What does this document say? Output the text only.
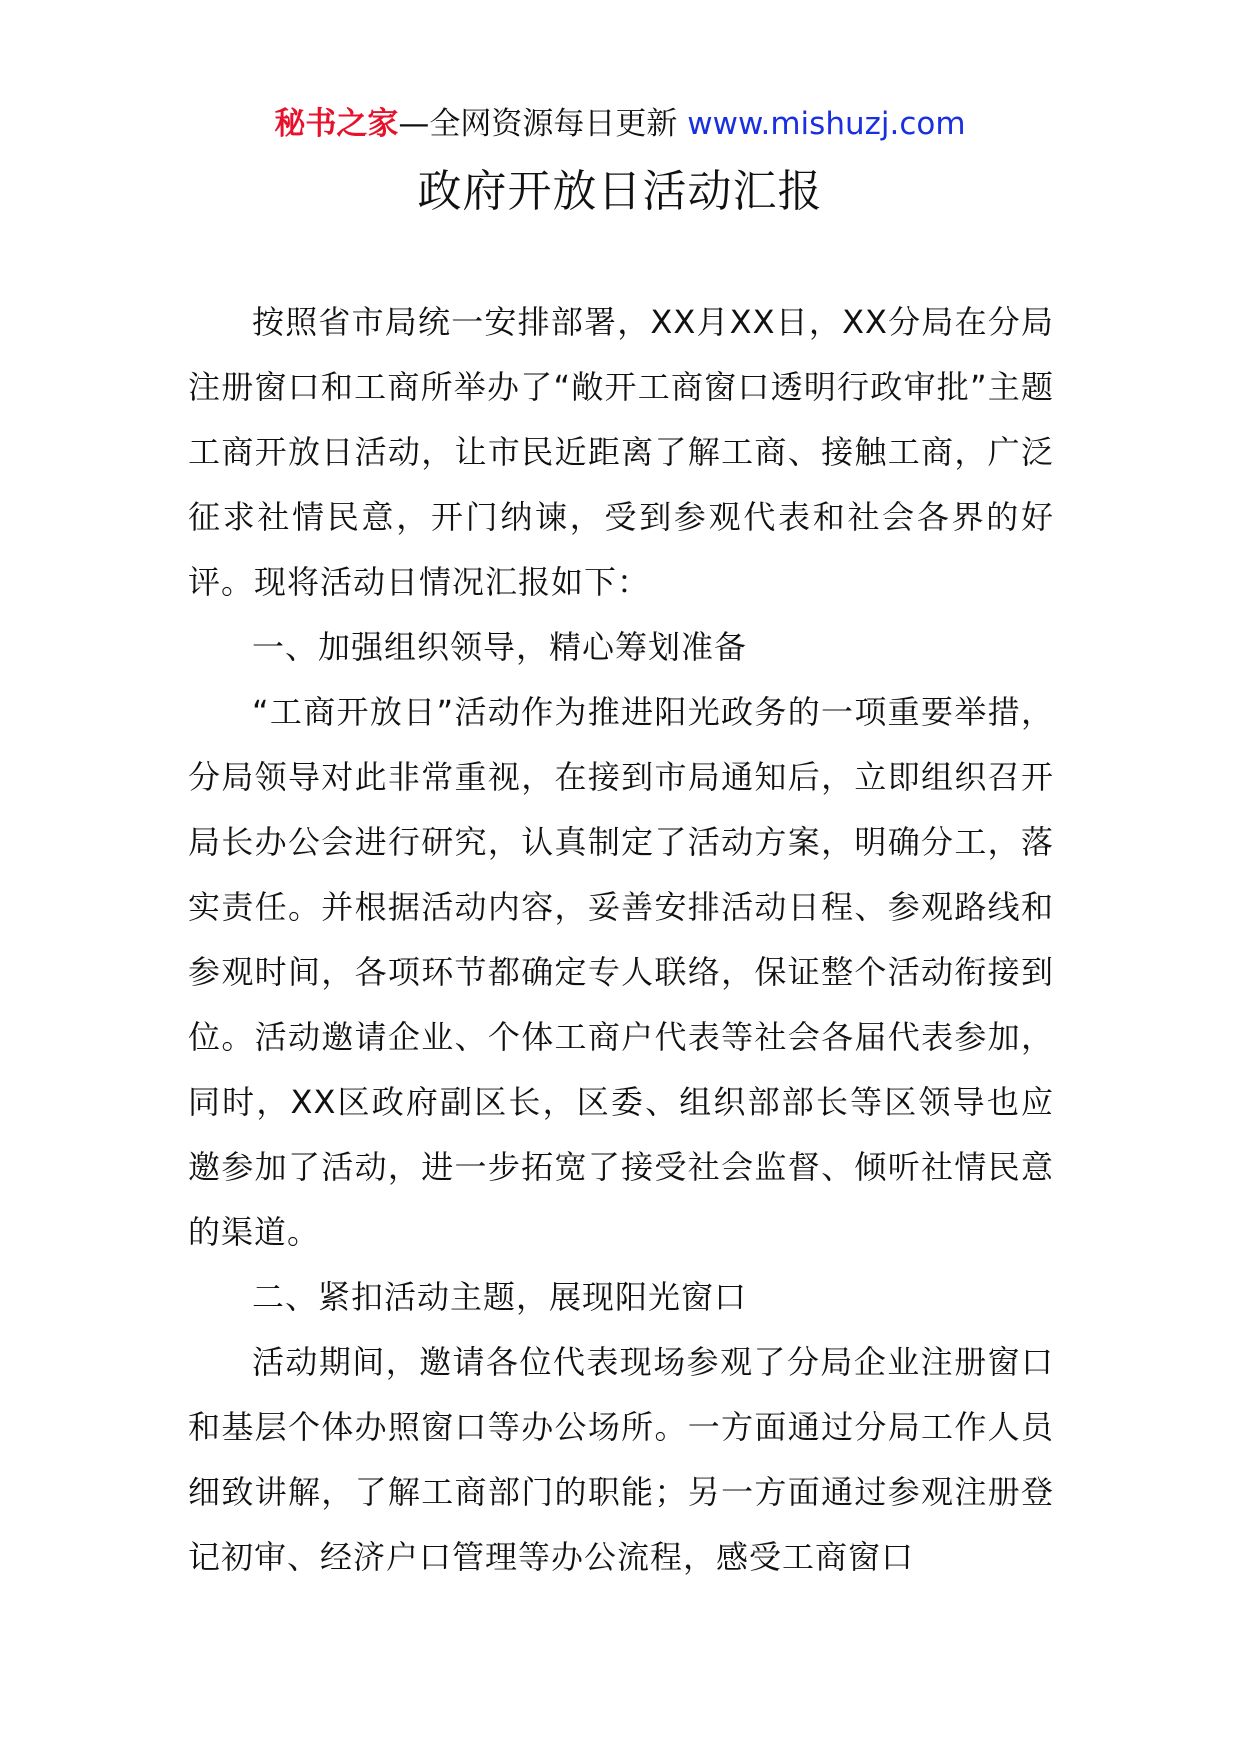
秘书之家—全网资源每日更新 www.mishuzj.com
政府开放日活动汇报

按照省市局统一安排部署，XX月XX日，XX分局在分局注册窗口和工商所举办了“敞开工商窗口透明行政审批”主题工商开放日活动，让市民近距离了解工商、接触工商，广泛征求社情民意，开门纳谏，受到参观代表和社会各界的好评。现将活动日情况汇报如下：

一、加强组织领导，精心筹划准备

“工商开放日”活动作为推进阳光政务的一项重要举措，分局领导对此非常重视，在接到市局通知后，立即组织召开局长办公会进行研究，认真制定了活动方案，明确分工，落实责任。并根据活动内容，妥善安排活动日程、参观路线和参观时间，各项环节都确定专人联络，保证整个活动衔接到位。活动邀请企业、个体工商户代表等社会各届代表参加，同时，XX区政府副区长，区委、组织部部长等区领导也应邀参加了活动，进一步拓宽了接受社会监督、倾听社情民意的渠道。

二、紧扣活动主题，展现阳光窗口

活动期间，邀请各位代表现场参观了分局企业注册窗口和基层个体办照窗口等办公场所。一方面通过分局工作人员细致讲解，了解工商部门的职能；另一方面通过参观注册登记初审、经济户口管理等办公流程，感受工商窗口
